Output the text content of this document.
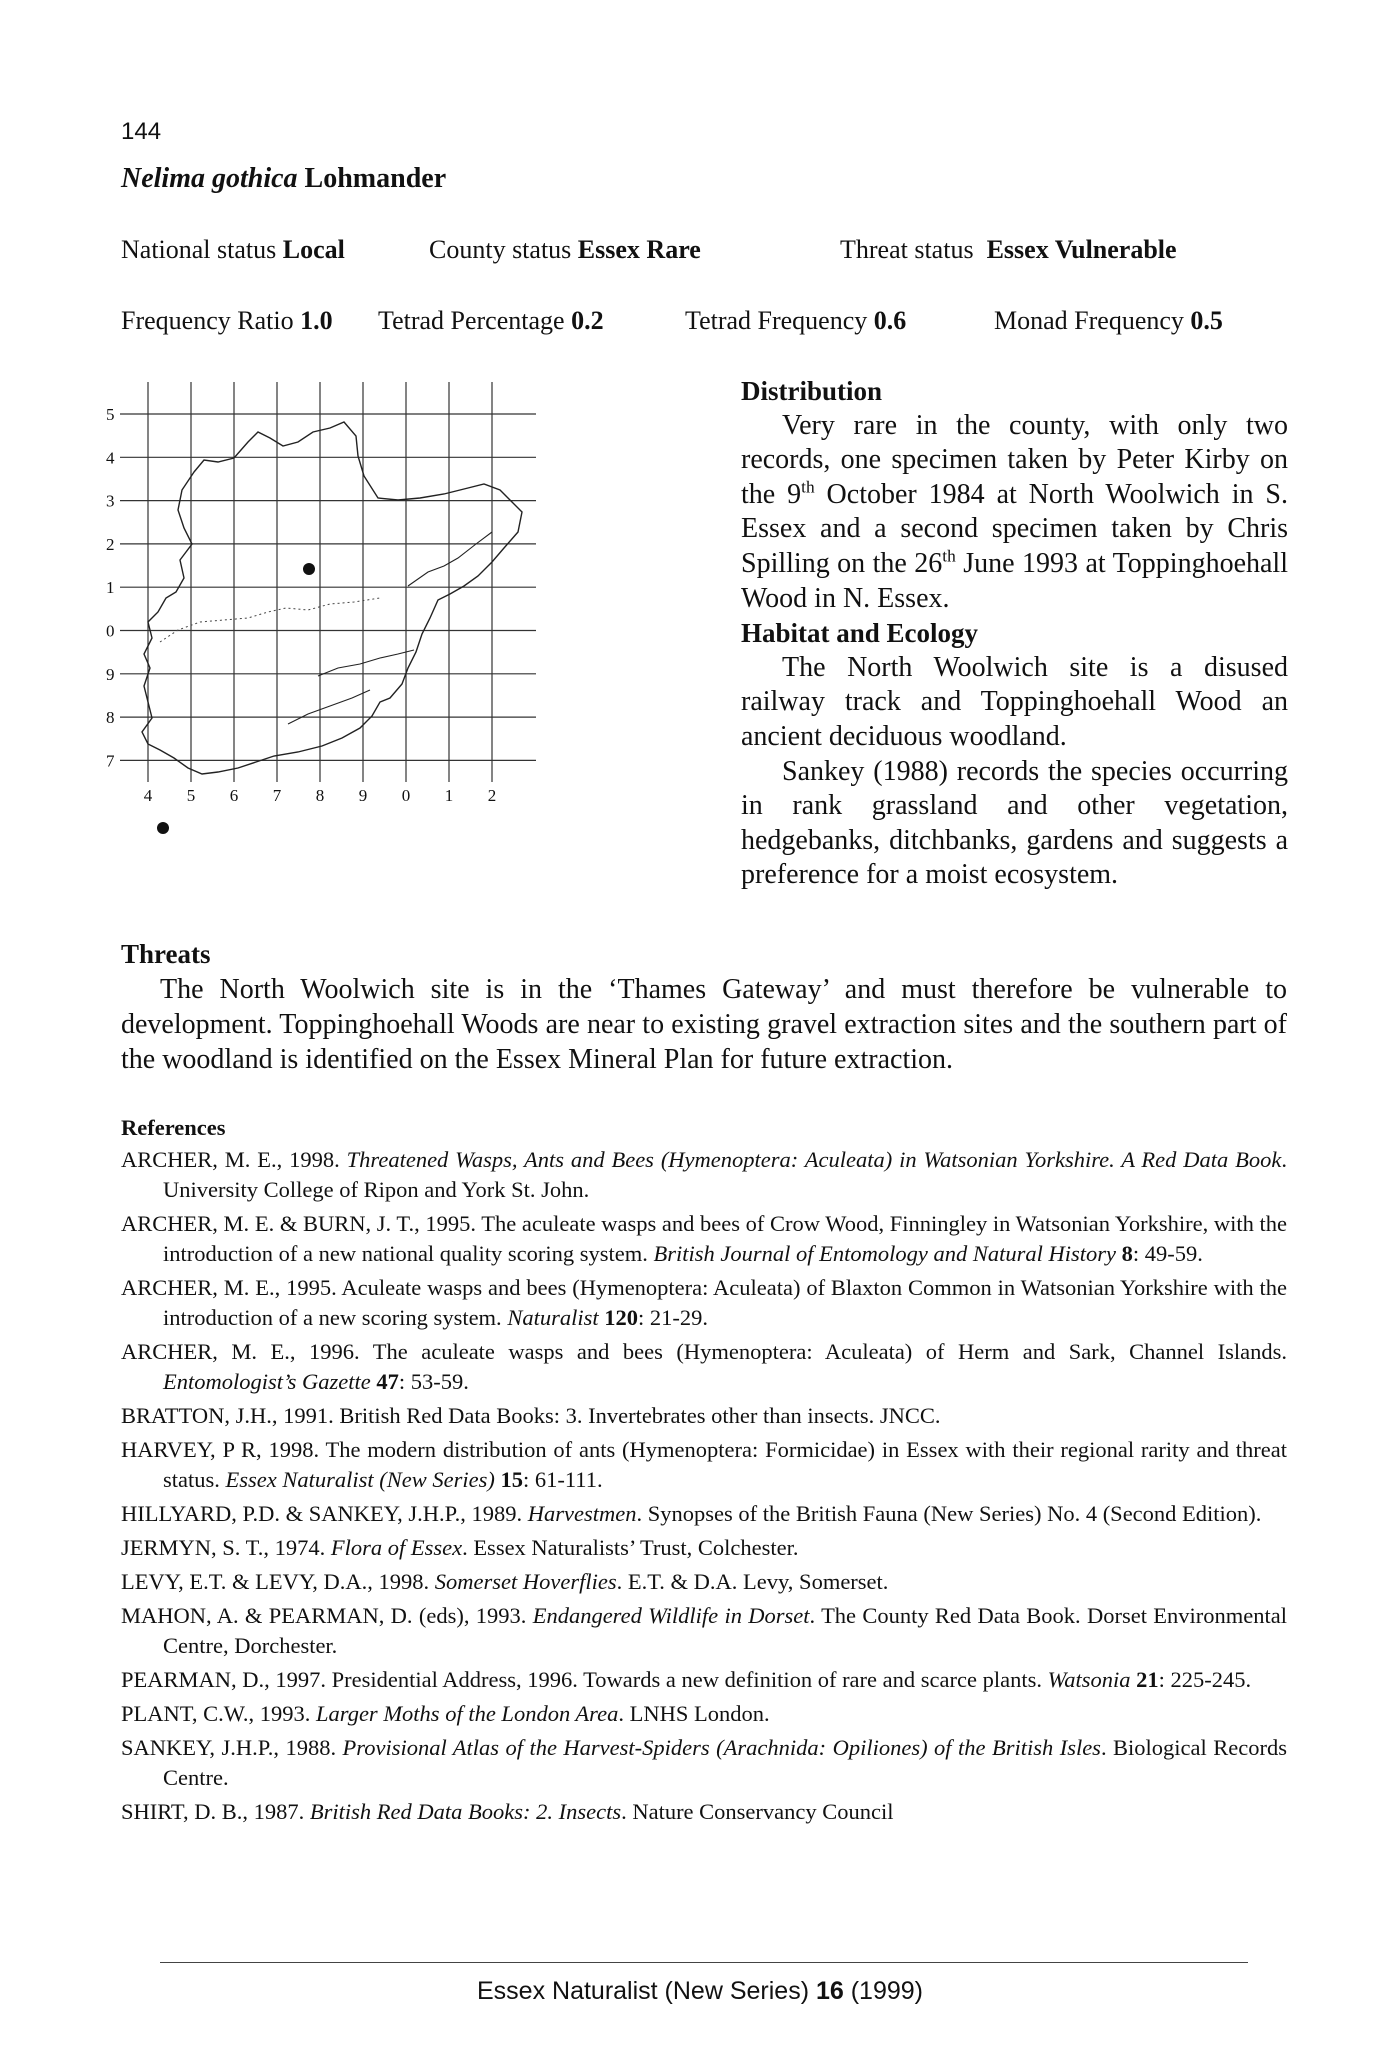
144
Nelima gothica Lohmander
National status Local	County status Essex Rare	Threat status Essex Vulnerable
Frequency Ratio 1.0 Tetrad Percentage 0.2	Tetrad Frequency 0.6	Monad Frequency 0.5
5
4
3
2
1
0
9
8
7
4 5 6 7 8 9 0 1 2
Distribution

Very rare in the county, with only two records, one specimen taken by Peter Kirby on the 9th October 1984 at North Woolwich in S. Essex and a second specimen taken by Chris Spilling on the 26th June 1993 at Toppinghoehall Wood in N. Essex.

Habitat and Ecology

The North Woolwich site is a disused railway track and Toppinghoehall Wood an ancient deciduous woodland.

Sankey (1988) records the species occurring in rank grassland and other vegetation, hedgebanks, ditchbanks, gardens and suggests a preference for a moist ecosystem.

Threats

The North Woolwich site is in the ‘Thames Gateway’ and must therefore be vulnerable to development. Toppinghoehall Woods are near to existing gravel extraction sites and the southern part of the woodland is identified on the Essex Mineral Plan for future extraction.

References
ARCHER, M. E., 1998. Threatened Wasps, Ants and Bees (Hymenoptera: Aculeata) in Watsonian Yorkshire. A Red Data Book. University College of Ripon and York St. John.
ARCHER, M. E. & BURN, J. T., 1995. The aculeate wasps and bees of Crow Wood, Finningley in Watsonian Yorkshire, with the introduction of a new national quality scoring system. British Journal of Entomology and Natural History 8: 49-59.
ARCHER, M. E., 1995. Aculeate wasps and bees (Hymenoptera: Aculeata) of Blaxton Common in Watsonian Yorkshire with the introduction of a new scoring system. Naturalist 120: 21-29.
ARCHER, M. E., 1996. The aculeate wasps and bees (Hymenoptera: Aculeata) of Herm and Sark, Channel Islands. Entomologist’s Gazette 47: 53-59.
BRATTON, J.H., 1991. British Red Data Books: 3. Invertebrates other than insects. JNCC.
HARVEY, P R, 1998. The modern distribution of ants (Hymenoptera: Formicidae) in Essex with their regional rarity and threat status. Essex Naturalist (New Series) 15: 61-111.
HILLYARD, P.D. & SANKEY, J.H.P., 1989. Harvestmen. Synopses of the British Fauna (New Series) No. 4 (Second Edition).
JERMYN, S. T., 1974. Flora of Essex. Essex Naturalists’ Trust, Colchester.
LEVY, E.T. & LEVY, D.A., 1998. Somerset Hoverflies. E.T. & D.A. Levy, Somerset.
MAHON, A. & PEARMAN, D. (eds), 1993. Endangered Wildlife in Dorset. The County Red Data Book. Dorset Environmental Centre, Dorchester.
PEARMAN, D., 1997. Presidential Address, 1996. Towards a new definition of rare and scarce plants. Watsonia 21: 225-245.
PLANT, C.W., 1993. Larger Moths of the London Area. LNHS London.
SANKEY, J.H.P., 1988. Provisional Atlas of the Harvest-Spiders (Arachnida: Opiliones) of the British Isles. Biological Records Centre.
SHIRT, D. B., 1987. British Red Data Books: 2. Insects. Nature Conservancy Council
Essex Naturalist (New Series) 16 (1999)
